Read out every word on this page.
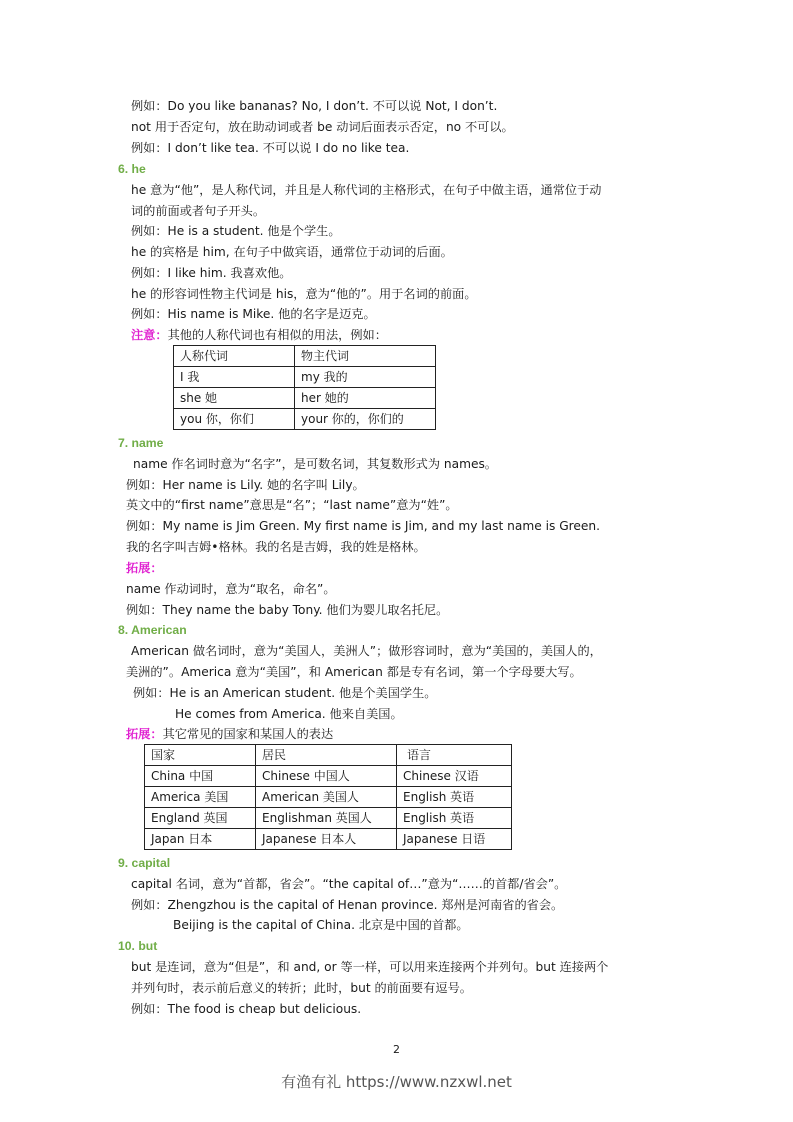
例如：Do you like bananas? No, I don’t. 不可以说 Not, I don’t.
not 用于否定句，放在助动词或者 be 动词后面表示否定，no 不可以。
例如：I don’t like tea. 不可以说 I do no like tea.
6. he
he 意为“他”，是人称代词，并且是人称代词的主格形式，在句子中做主语，通常位于动
词的前面或者句子开头。
例如：He is a student. 他是个学生。
he 的宾格是 him, 在句子中做宾语，通常位于动词的后面。
例如：I like him. 我喜欢他。
he 的形容词性物主代词是 his，意为“他的”。用于名词的前面。
例如：His name is Mike. 他的名字是迈克。
注意：其他的人称代词也有相似的用法，例如：
人称代词	物主代词
I 我	my 我的
she 她	her 她的
you 你，你们	your 你的，你们的
7. name
name 作名词时意为“名字”，是可数名词，其复数形式为 names。
例如：Her name is Lily. 她的名字叫 Lily。
英文中的“first name”意思是“名”；“last name”意为“姓”。
例如：My name is Jim Green. My first name is Jim, and my last name is Green.
我的名字叫吉姆•格林。我的名是吉姆，我的姓是格林。
拓展：
name 作动词时，意为“取名，命名”。
例如：They name the baby Tony. 他们为婴儿取名托尼。
8. American
American 做名词时，意为“美国人，美洲人”；做形容词时，意为“美国的，美国人的，
美洲的”。America 意为“美国”，和 American 都是专有名词，第一个字母要大写。
例如：He is an American student. 他是个美国学生。
He comes from America. 他来自美国。
拓展：其它常见的国家和某国人的表达
国家	居民	语言
China 中国	Chinese 中国人	Chinese 汉语
America 美国	American 美国人	English 英语
England 英国	Englishman 英国人	English 英语
Japan 日本	Japanese 日本人	Japanese 日语
9. capital
capital 名词，意为“首都，省会”。“the capital of…”意为“……的首都/省会”。
例如：Zhengzhou is the capital of Henan province. 郑州是河南省的省会。
Beijing is the capital of China. 北京是中国的首都。
10. but
but 是连词，意为“但是”，和 and, or 等一样，可以用来连接两个并列句。but 连接两个
并列句时，表示前后意义的转折；此时，but 的前面要有逗号。
例如：The food is cheap but delicious.
2
有渔有礼 https://www.nzxwl.net
